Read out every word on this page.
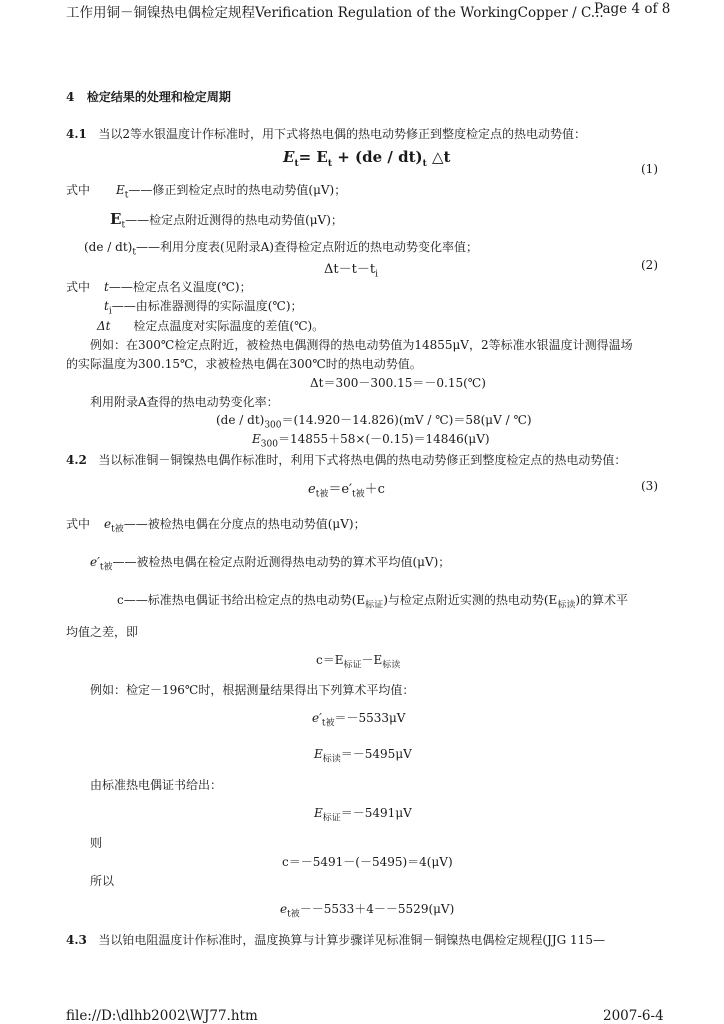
工作用铜－铜镍热电偶检定规程Verification Regulation of the WorkingCopper / C...
Page 4 of 8
4 检定结果的处理和检定周期
4.1 当以2等水银温度计作标准时，用下式将热电偶的热电动势修正到整度检定点的热电动势值：
$E_t= E_t + (de / dt)_t$ △t
(1)
式中 $E_t——$修正到检定点时的热电动势值(μV)；
$E_t——$检定点附近测得的热电动势值(μV)；
$(de / dt)_t——$利用分度表(见附录A)查得检定点附近的热电动势变化率值；
$\Delta t-t-t_i$
(2)
式中 t——检定点名义温度(℃)；
$t_i——$由标准器测得的实际温度(℃)；
Δt 检定点温度对实际温度的差值(℃)。
例如：在300℃检定点附近，被检热电偶测得的热电动势值为14855μV，2等标准水银温度计测得温场
的实际温度为300.15℃，求被检热电偶在300℃时的热电动势值。
Δt＝300－300.15＝－0.15(℃)
利用附录A查得的热电动势变化率：
$(de / dt)_{300}=(14.920-14.826)(mV$ / ℃)＝58(μV / ℃)
$E_{300}=14855+58\times(-0.15)=14846(\mu V)$
4.2 当以标准铜－铜镍热电偶作标准时，利用下式将热电偶的热电动势修正到整度检定点的热电动势值：
$e_{t被}=e'_{t被}+c$	(3)
式中 $e_{t被}——$被检热电偶在分度点的热电动势值(μV)；
$e'_{t被}——$被检热电偶在检定点附近测得热电动势的算术平均值(μV)；
c——标准热电偶证书给出检定点的热电动势$(E_{标证})$与检定点附近实测的热电动势$(E_{标读})$的算术平
均值之差，即
$c=E_{标证}-E_{标读}$
例如：检定－196℃时，根据测量结果得出下列算术平均值：
$e'_{t被}=-5533\mu V$
$E_{标读}=-5495\mu V$
由标准热电偶证书给出：
$E_{标证}=-5491\mu V$
则
c＝－5491－(－5495)＝4(μV)
所以
$e_{t被}--5533+4--5529(\mu V)$
4.3 当以铂电阻温度计作标准时，温度换算与计算步骤详见标准铜－铜镍热电偶检定规程(JJG 115—
file://D:\dlhb2002\WJ77.htm	2007-6-4
